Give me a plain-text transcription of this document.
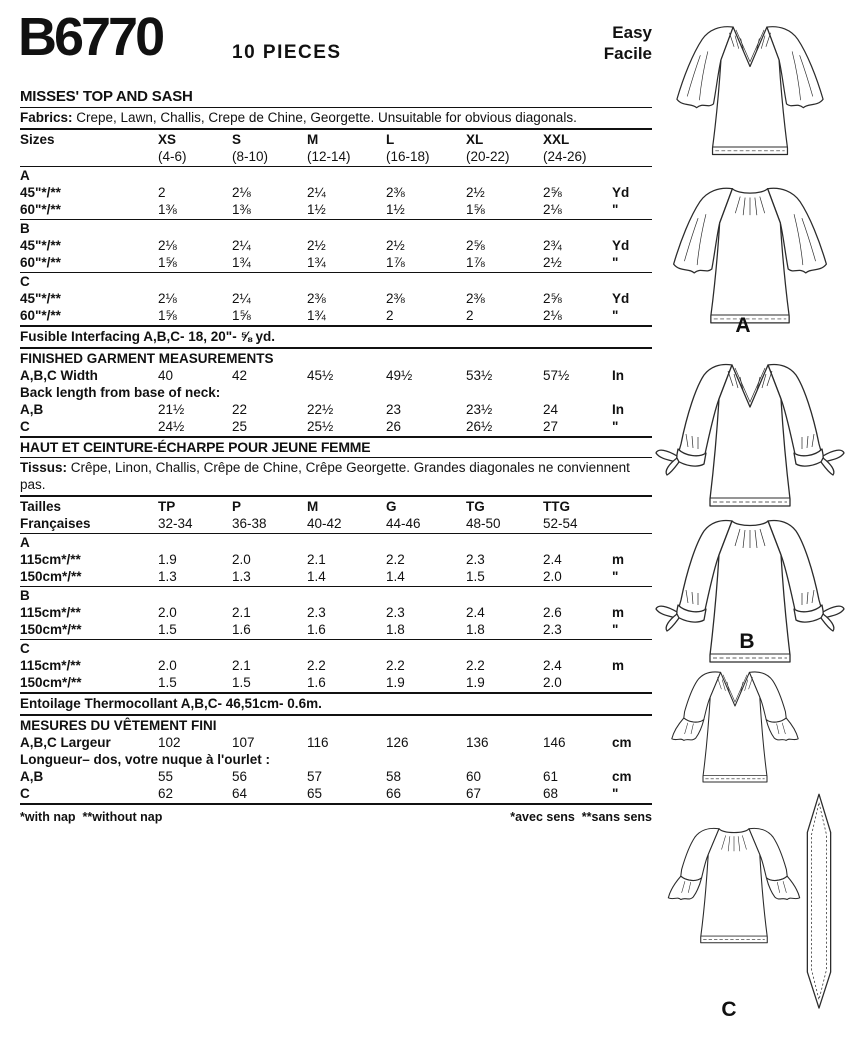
B6770	10 PIECES
Easy
Facile
MISSES' TOP AND SASH
Fabrics: Crepe, Lawn, Challis, Crepe de Chine, Georgette. Unsuitable for obvious diagonals.
Sizes	XS	S	M	L	XL	XXL
(4-6)	(8-10)	(12-14)	(16-18)	(20-22)	(24-26)
A
45"*/**	2	2⅛	2¼	2⅜	2½	2⅝	Yd
60"*/**	1⅜	1⅜	1½	1½	1⅝	2⅛	"
B
45"*/**	2⅛	2¼	2½	2½	2⅝	2¾	Yd
60"*/**	1⅝	1¾	1¾	1⅞	1⅞	2½	"
C
45"*/**	2⅛	2¼	2⅜	2⅜	2⅜	2⅝	Yd
60"*/**	1⅝	1⅝	1¾	2	2	2⅛	"
Fusible Interfacing A,B,C- 18, 20"- ⅝ yd.
FINISHED GARMENT MEASUREMENTS
A,B,C Width	40	42	45½	49½	53½	57½	In
Back length from base of neck:
A,B	21½	22	22½	23	23½	24	In
C	24½	25	25½	26	26½	27	"
HAUT ET CEINTURE-ÉCHARPE POUR JEUNE FEMME
Tissus: Crêpe, Linon, Challis, Crêpe de Chine, Crêpe Georgette. Grandes diagonales ne conviennent pas.
Tailles	TP	P	M	G	TG	TTG
Françaises	32-34	36-38	40-42	44-46	48-50	52-54
A
115cm*/**	1.9	2.0	2.1	2.2	2.3	2.4	m
150cm*/**	1.3	1.3	1.4	1.4	1.5	2.0	"
B
115cm*/**	2.0	2.1	2.3	2.3	2.4	2.6	m
150cm*/**	1.5	1.6	1.6	1.8	1.8	2.3	"
C
115cm*/**	2.0	2.1	2.2	2.2	2.2	2.4	m
150cm*/**	1.5	1.5	1.6	1.9	1.9	2.0
Entoilage Thermocollant A,B,C- 46,51cm- 0.6m.
MESURES DU VÊTEMENT FINI
A,B,C Largeur	102	107	116	126	136	146	cm
Longueur– dos, votre nuque à l'ourlet :
A,B	55	56	57	58	60	61	cm
C	62	64	65	66	67	68	"
*with nap  **without nap	*avec sens  **sans sens
A
B
C
